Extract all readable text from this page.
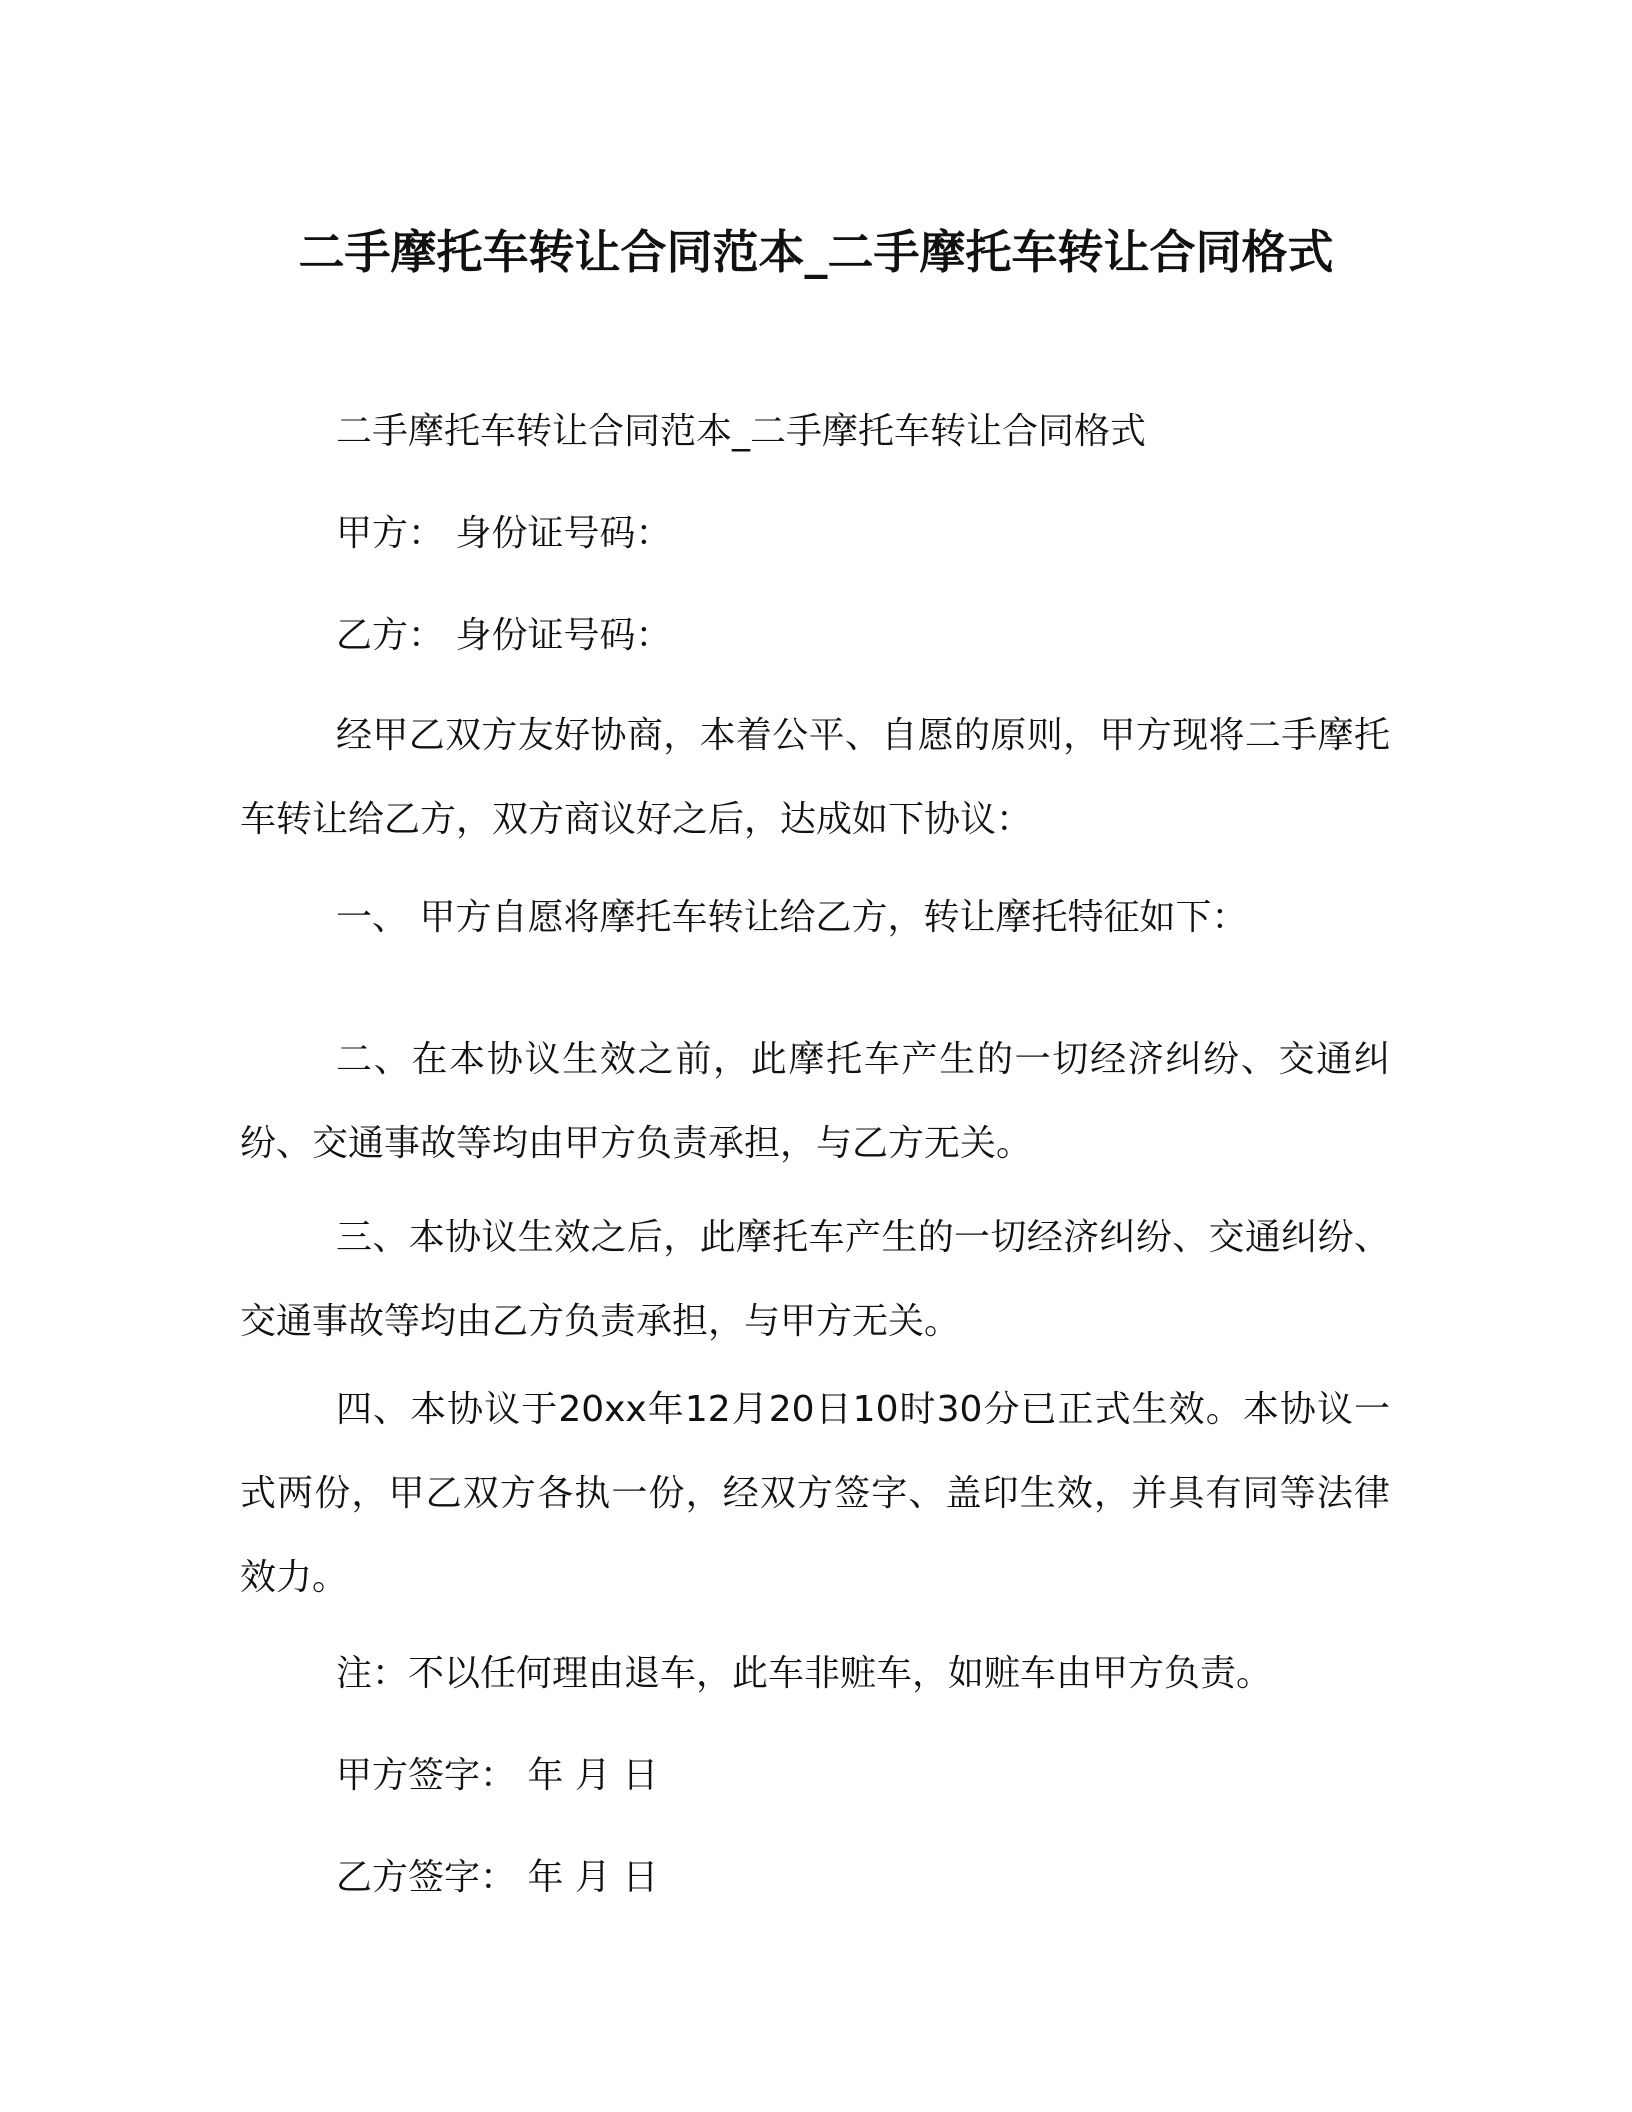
二手摩托车转让合同范本_二手摩托车转让合同格式
二手摩托车转让合同范本_二手摩托车转让合同格式
甲方： 身份证号码：
乙方： 身份证号码：
经甲乙双方友好协商，本着公平、自愿的原则，甲方现将二手摩托车转让给乙方，双方商议好之后，达成如下协议：
一、 甲方自愿将摩托车转让给乙方，转让摩托特征如下：
二、在本协议生效之前，此摩托车产生的一切经济纠纷、交通纠纷、交通事故等均由甲方负责承担，与乙方无关。
三、本协议生效之后，此摩托车产生的一切经济纠纷、交通纠纷、交通事故等均由乙方负责承担，与甲方无关。
四、本协议于20xx年12月20日10时30分已正式生效。本协议一式两份，甲乙双方各执一份，经双方签字、盖印生效，并具有同等法律效力。
注：不以任何理由退车，此车非赃车，如赃车由甲方负责。
甲方签字： 年 月 日
乙方签字： 年 月 日
